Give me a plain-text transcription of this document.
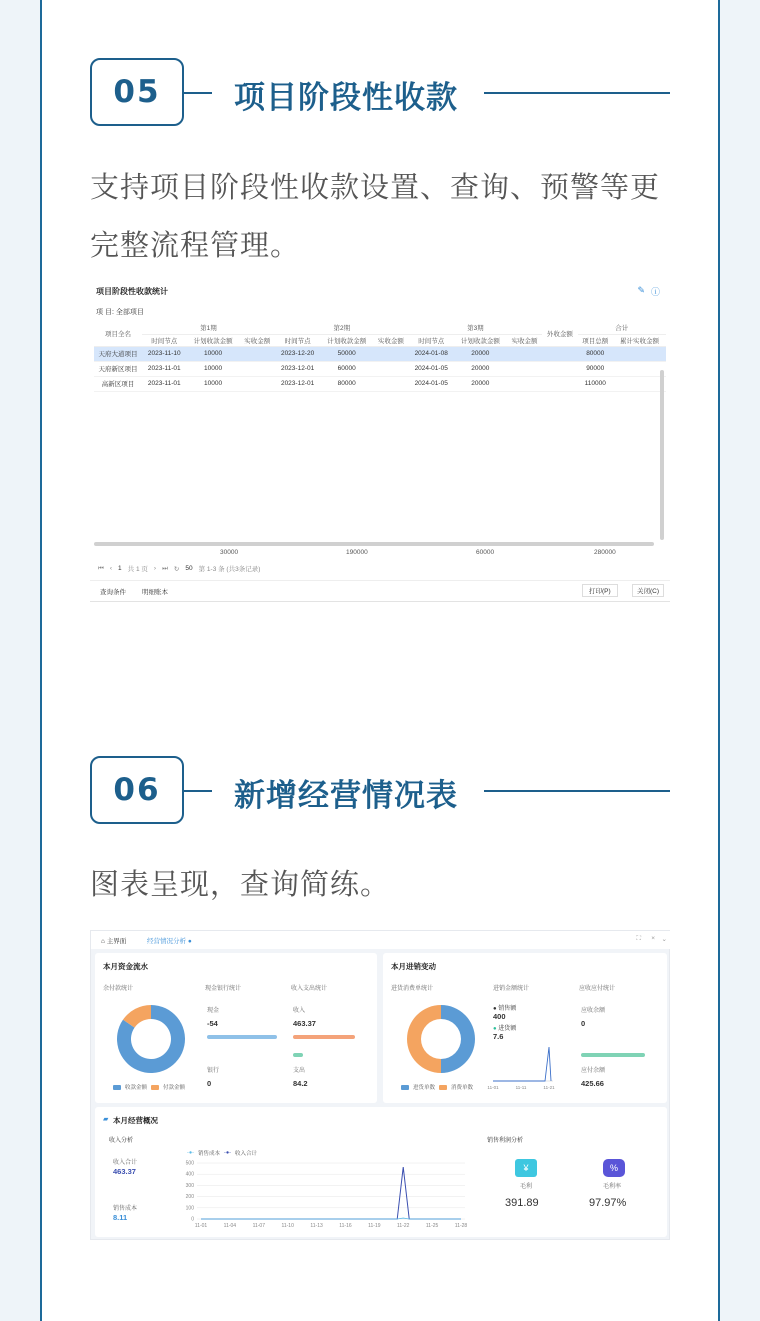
05	项目阶段性收款
支持项目阶段性收款设置、查询、预警等更完整流程管理。
项目阶段性收款统计	✎ ⓘ
项 目: 全部项目
项目全名	第1期			第2期			第3期			外收金额	合计	
	时间节点	计划收款金额	实收金额	时间节点	计划收款金额	实收金额	时间节点	计划收款金额	实收金额		项目总额	累计实收金额
天府大道项目	2023-11-10	10000		2023-12-20	50000		2024-01-08	20000			80000	
天府新区项目	2023-11-01	10000		2023-12-01	60000		2024-01-05	20000			90000	
高新区项目	2023-11-01	10000		2023-12-01	80000		2024-01-05	20000			110000	
30000	190000	60000	280000
⏮ ‹ 1 共 1 页 › ⏭ ↻ 50 第 1-3 条 (共3条记录)
查询条件 明细账本	打印(P)	关闭(C)
06	新增经营情况表
图表呈现，查询简练。
⌂ 主界面	经营情况分析 ●	⛶ × ⌄
本月资金流水
余付款统计
收款金额	付款金额
现金银行统计
现金
-54
银行
0
收入支出统计
收入
463.37
支出
84.2
本月进销变动
进货消费单统计
进货单数	消费单数
进销金额统计
● 销售额
400
● 进货额
7.6
11-01	11-11	11-21
应收应付统计
应收余额
0
应付余额
425.66
本月经营概况
▰
收入分析
收入合计
463.37
销售成本
8.11
-●- 销售成本 -●- 收入合计
500
400
300
200
100
0
11-01	11-04	11-07	11-10	11-13	11-16	11-19	11-22	11-25	11-28
销售利润分析
¥
毛利
391.89
%
毛利率
97.97%
